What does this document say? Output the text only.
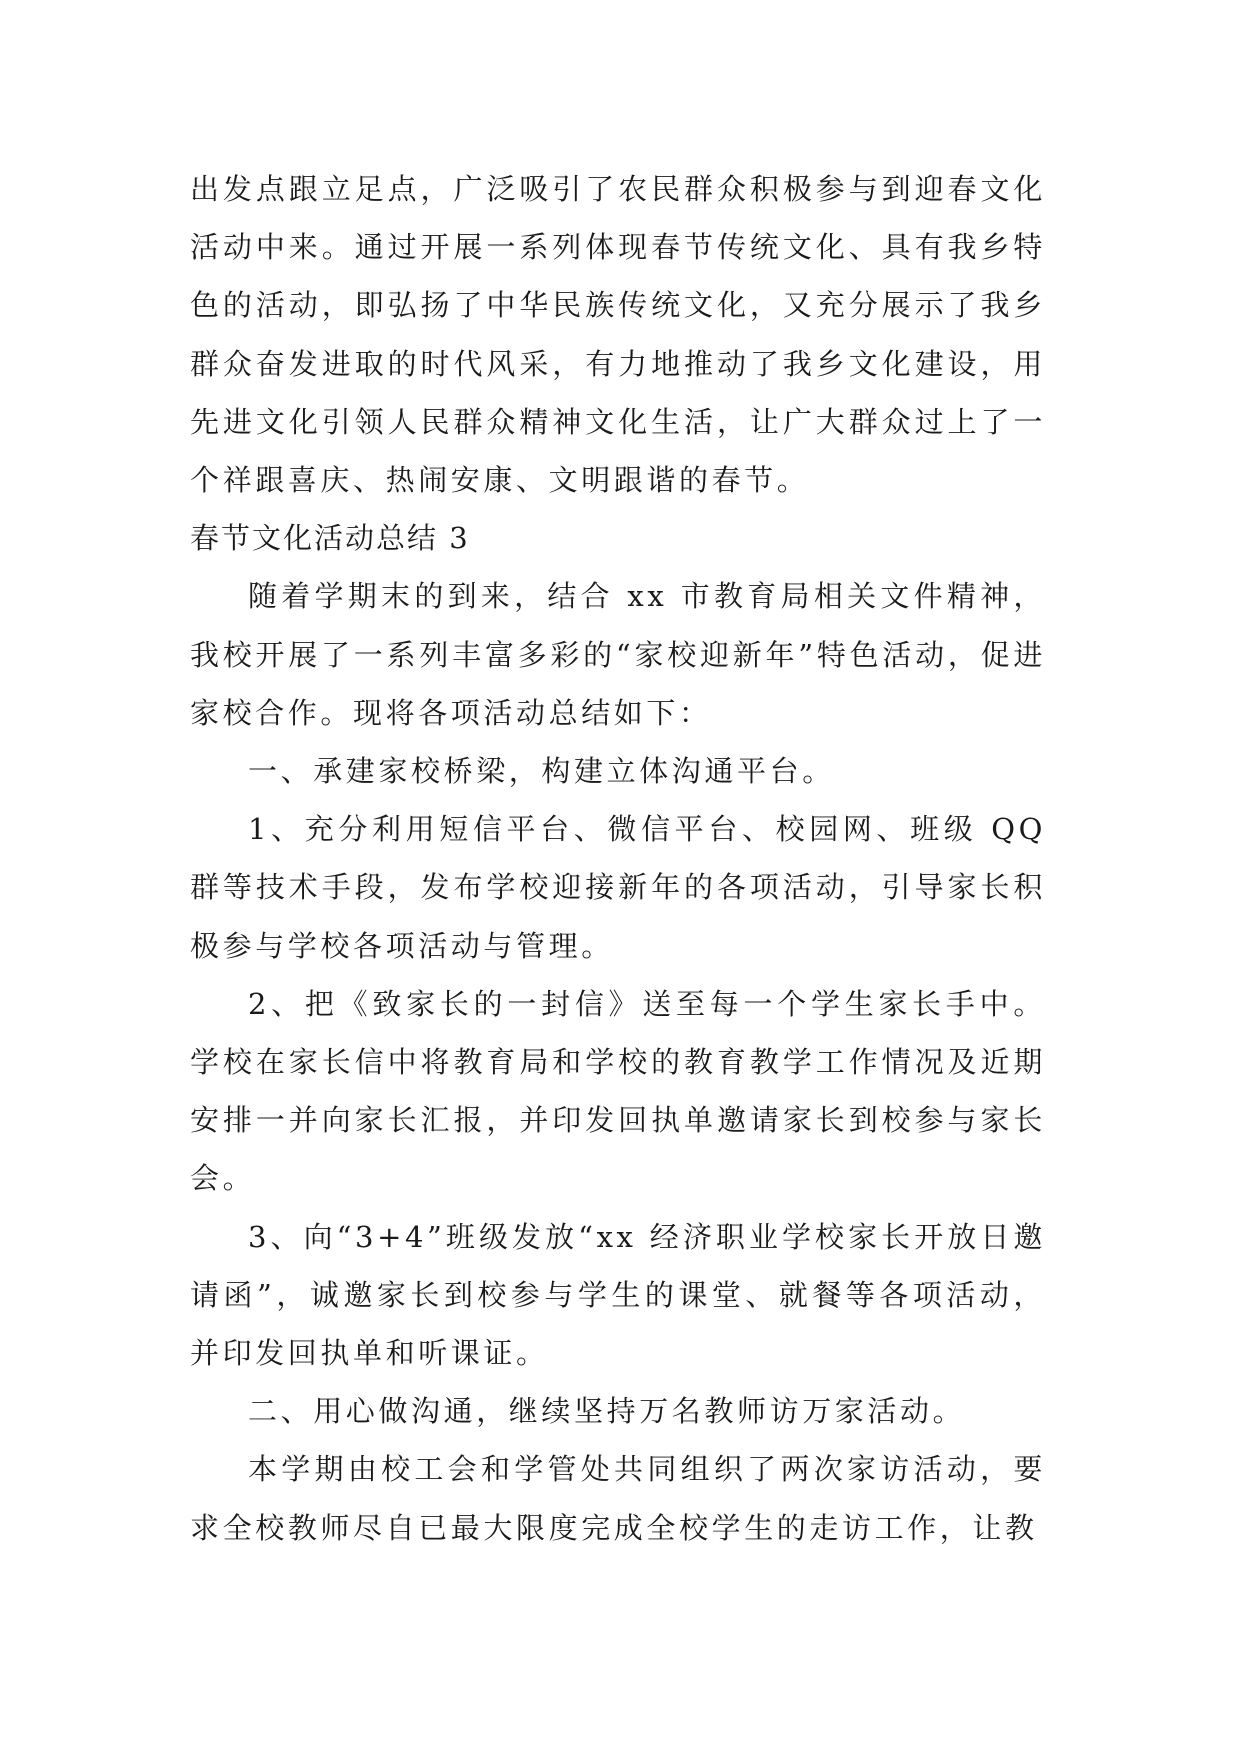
出发点跟立足点，广泛吸引了农民群众积极参与到迎春文化活动中来。通过开展一系列体现春节传统文化、具有我乡特色的活动，即弘扬了中华民族传统文化，又充分展示了我乡群众奋发进取的时代风采，有力地推动了我乡文化建设，用先进文化引领人民群众精神文化生活，让广大群众过上了一个祥跟喜庆、热闹安康、文明跟谐的春节。

春节文化活动总结 3

随着学期末的到来，结合 xx 市教育局相关文件精神，我校开展了一系列丰富多彩的“家校迎新年”特色活动，促进家校合作。现将各项活动总结如下：

一、承建家校桥梁，构建立体沟通平台。

1、充分利用短信平台、微信平台、校园网、班级 QQ 群等技术手段，发布学校迎接新年的各项活动，引导家长积极参与学校各项活动与管理。

2、把《致家长的一封信》送至每一个学生家长手中。学校在家长信中将教育局和学校的教育教学工作情况及近期安排一并向家长汇报，并印发回执单邀请家长到校参与家长会。

3、向“3+4”班级发放“xx 经济职业学校家长开放日邀请函”，诚邀家长到校参与学生的课堂、就餐等各项活动，并印发回执单和听课证。

二、用心做沟通，继续坚持万名教师访万家活动。

本学期由校工会和学管处共同组织了两次家访活动，要求全校教师尽自已最大限度完成全校学生的走访工作，让教
